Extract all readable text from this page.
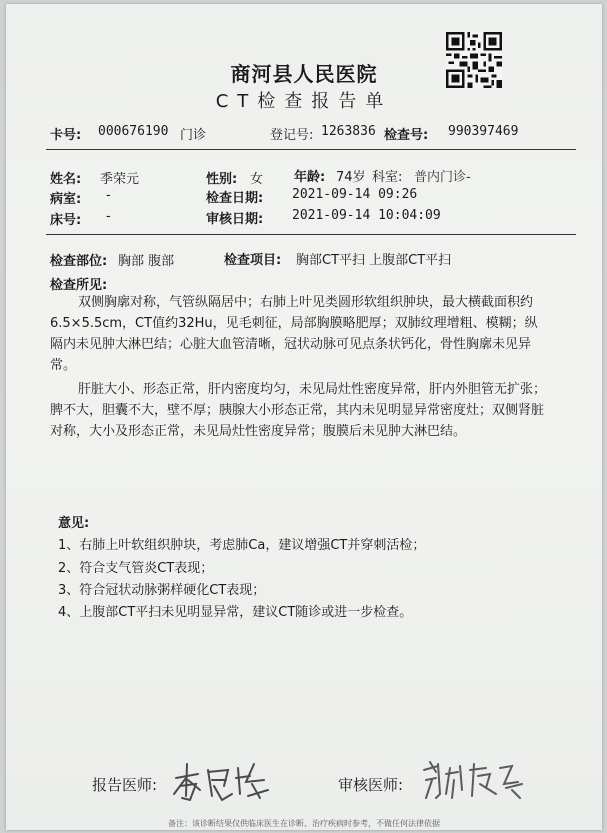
商河县人民医院
CT检查报告单
卡号: 000676190 门诊	登记号: 1263836 检查号: 990397469
姓名: 季荣元	性别: 女 年龄: 74岁 科室: 普内门诊-
病室: -	检查日期: 2021-09-14 09:26
床号: -	审核日期: 2021-09-14 10:04:09
检查部位: 胸部 腹部	检查项目: 胸部CT平扫 上腹部CT平扫
检查所见:
双侧胸廓对称，气管纵隔居中；右肺上叶见类圆形软组织肿块，最大横截面积约6.5×5.5cm，CT值约32Hu，见毛刺征，局部胸膜略肥厚；双肺纹理增粗、模糊；纵隔内未见肿大淋巴结；心脏大血管清晰，冠状动脉可见点条状钙化，骨性胸廓未见异常。
肝脏大小、形态正常，肝内密度均匀，未见局灶性密度异常，肝内外胆管无扩张；脾不大，胆囊不大，壁不厚；胰腺大小形态正常，其内未见明显异常密度灶；双侧肾脏对称，大小及形态正常，未见局灶性密度异常；腹膜后未见肿大淋巴结。
意见:
1、右肺上叶软组织肿块，考虑肺Ca，建议增强CT并穿刺活检；
2、符合支气管炎CT表现；
3、符合冠状动脉粥样硬化CT表现；
4、上腹部CT平扫未见明显异常，建议CT随诊或进一步检查。
报告医师:	审核医师:
备注：该诊断结果仅供临床医生在诊断、治疗疾病时参考，不做任何法律依据
